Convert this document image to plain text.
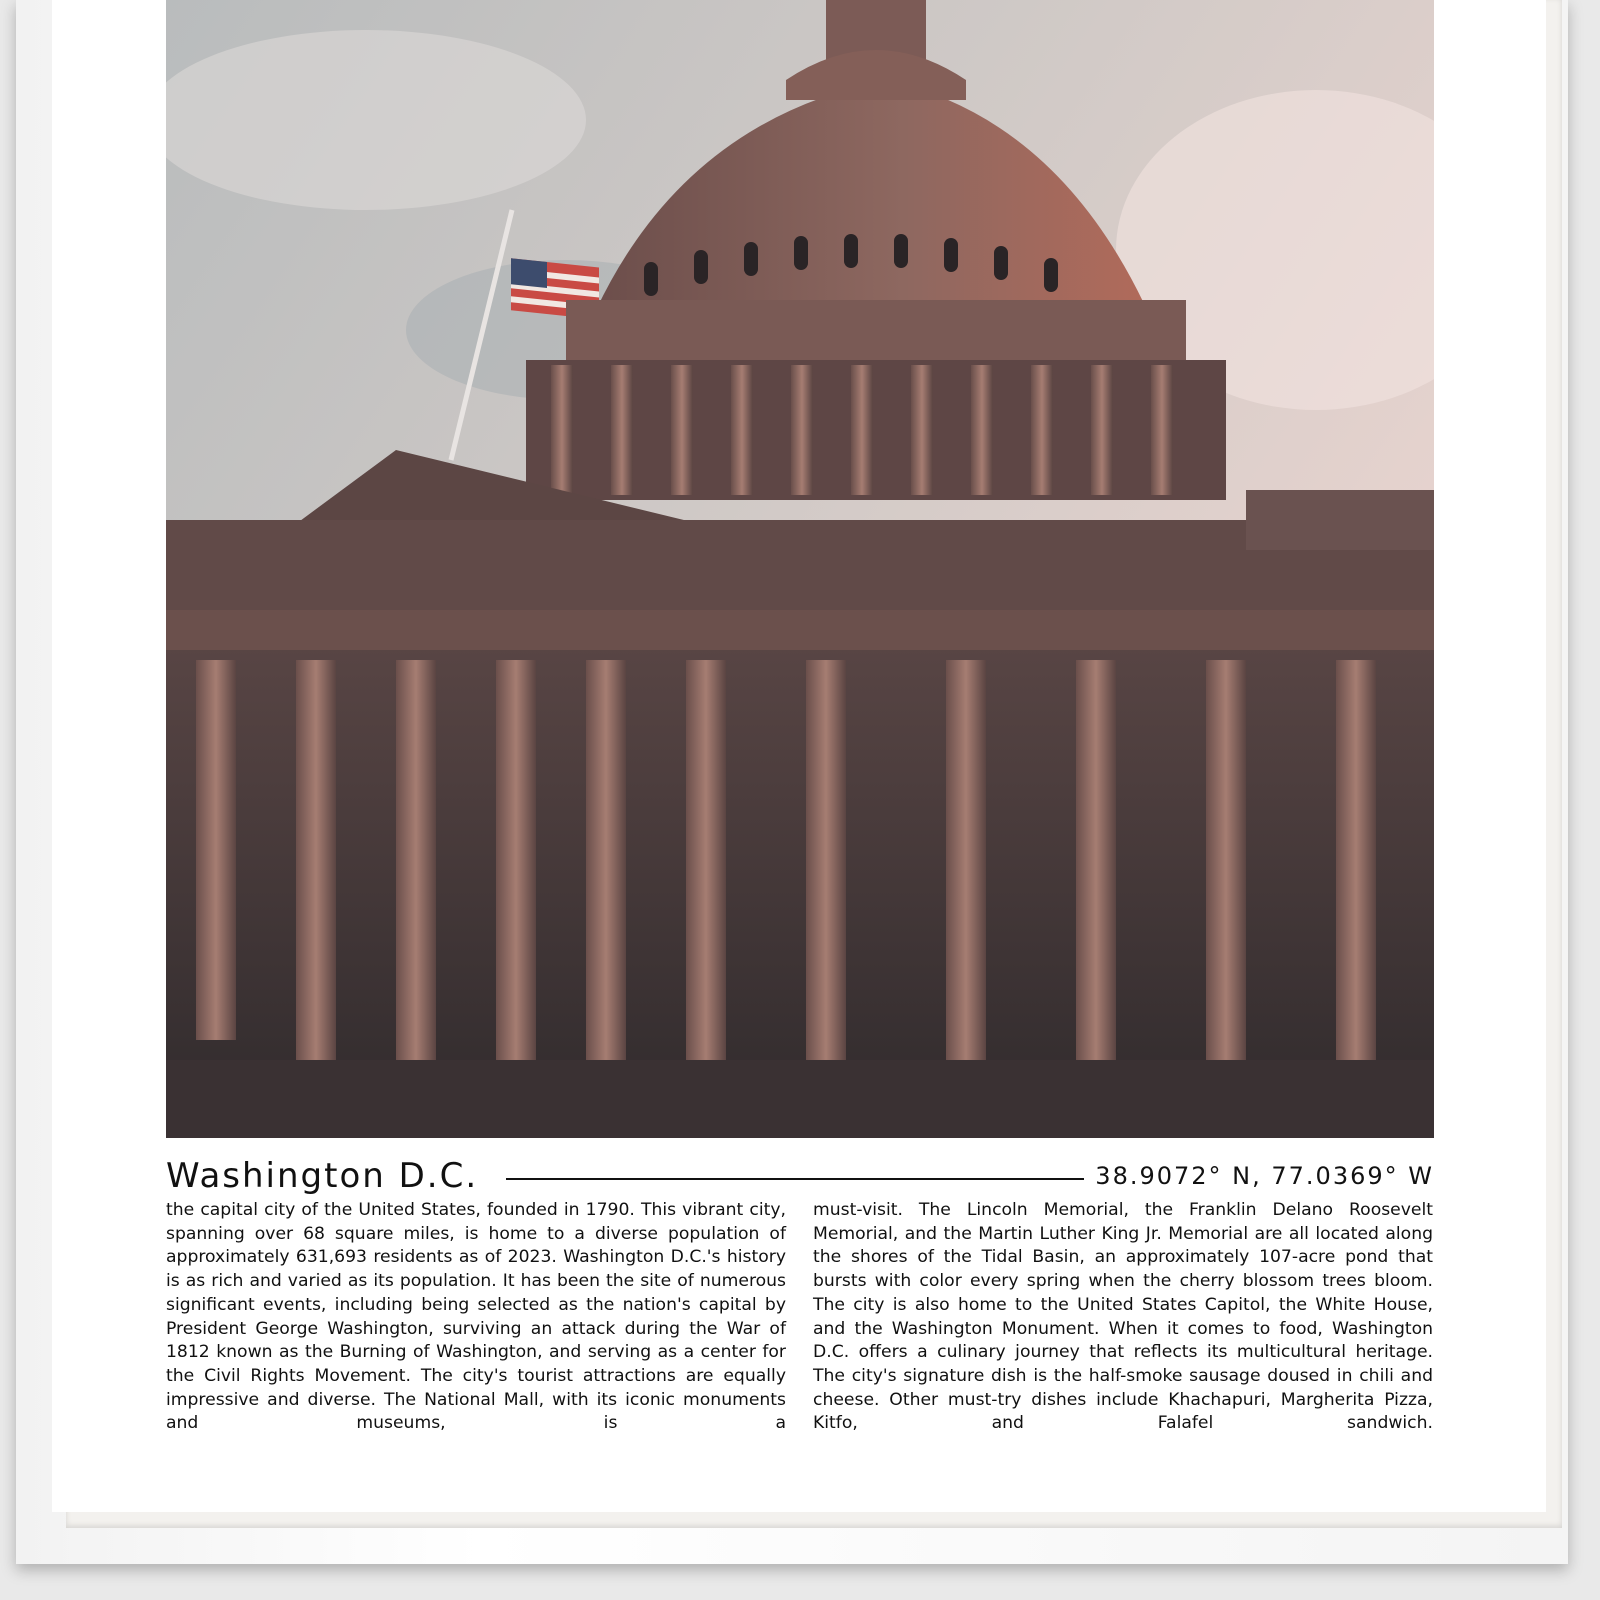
Washington D.C.	38.9072° N, 77.0369° W
the capital city of the United States, founded in 1790. This vibrant city, spanning over 68 square miles, is home to a diverse population of approximately 631,693 residents as of 2023. Washington D.C.'s history is as rich and varied as its population. It has been the site of numerous significant events, including being selected as the nation's capital by President George Washington, surviving an attack during the War of 1812 known as the Burning of Washington, and serving as a center for the Civil Rights Movement. The city's tourist attractions are equally impressive and diverse. The National Mall, with its iconic monuments and museums, is a
must-visit. The Lincoln Memorial, the Franklin Delano Roosevelt Memorial, and the Martin Luther King Jr. Memorial are all located along the shores of the Tidal Basin, an approximately 107-acre pond that bursts with color every spring when the cherry blossom trees bloom. The city is also home to the United States Capitol, the White House, and the Washington Monument. When it comes to food, Washington D.C. offers a culinary journey that reflects its multicultural heritage. The city's signature dish is the half-smoke sausage doused in chili and cheese. Other must-try dishes include Khachapuri, Margherita Pizza, Kitfo, and Falafel sandwich.
